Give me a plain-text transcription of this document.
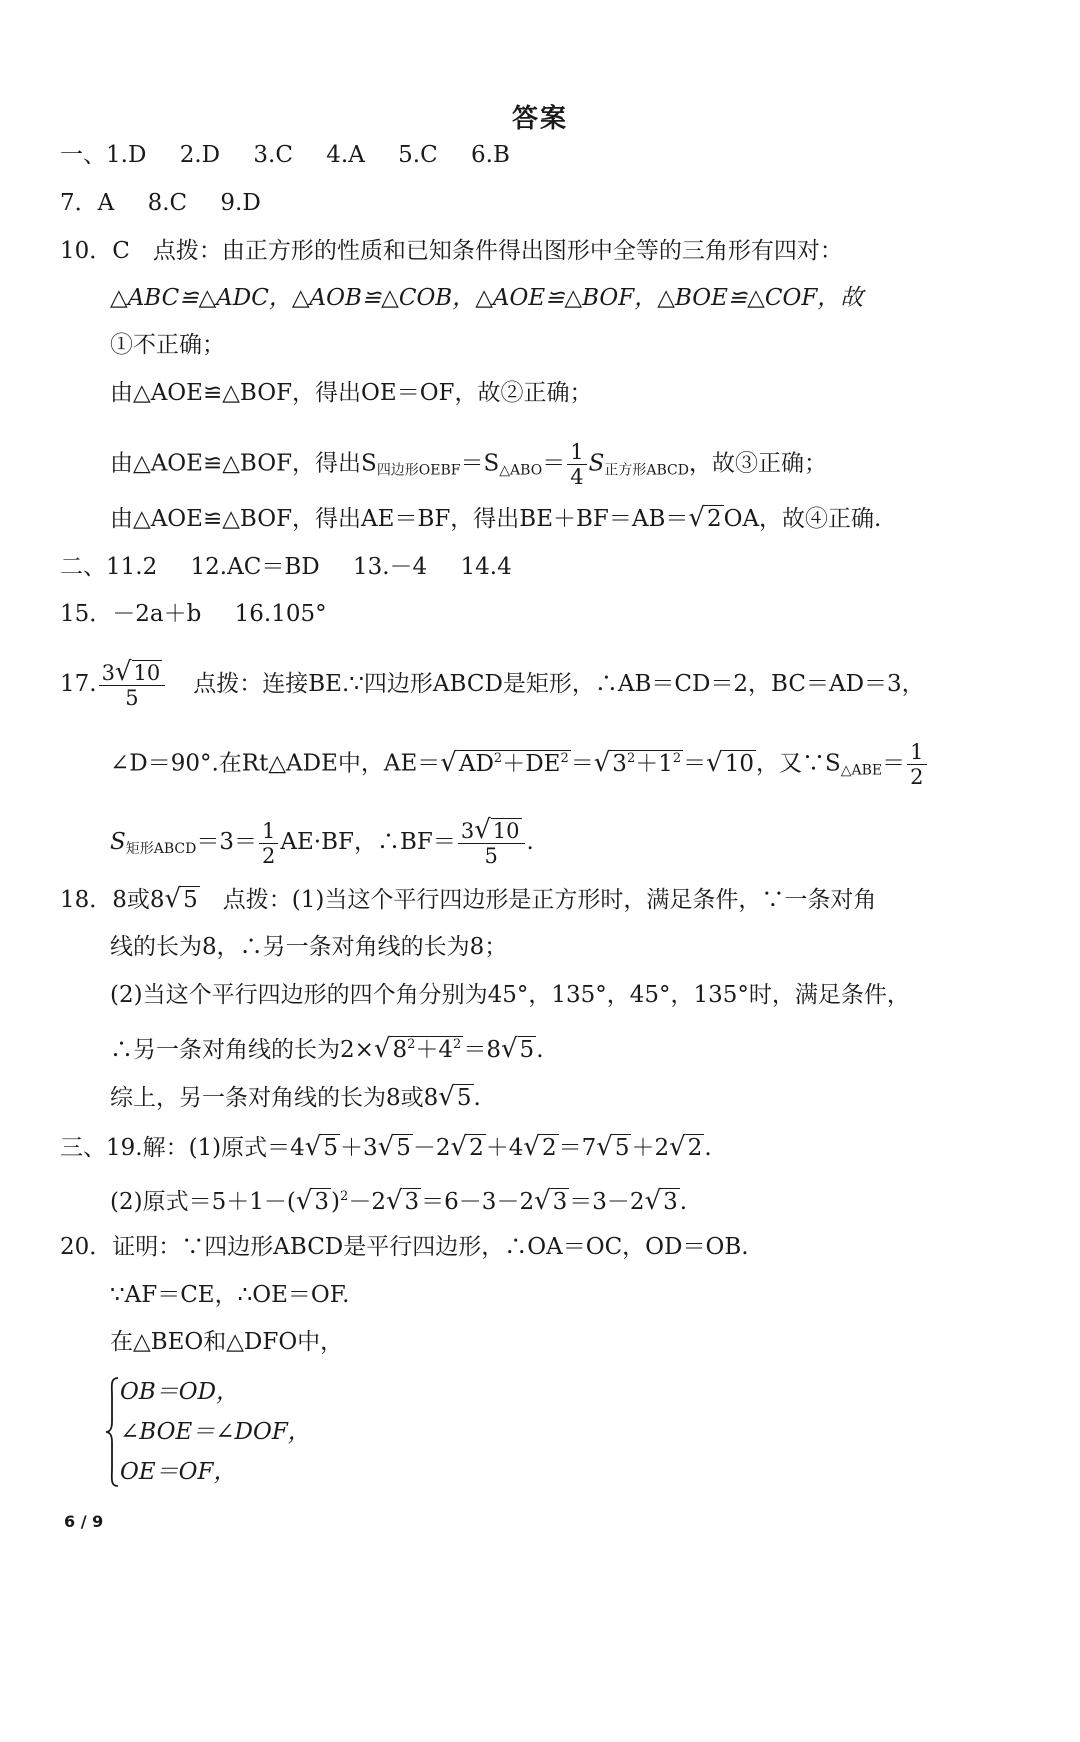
答案
一、1.D 2.D 3.C 4.A 5.C 6.B
7．A 8.C 9.D
10．C　点拨：由正方形的性质和已知条件得出图形中全等的三角形有四对：
△ABC≌△ADC，△AOB≌△COB，△AOE≌△BOF，△BOE≌△COF，故
①不正确；
由△AOE≌△BOF，得出OE＝OF，故②正确；
由△AOE≌△BOF，得出$S_{四边形OEBF}=S_{\triangle ABO}= \frac{1}{4} S_{正方形ABCD}$，故③正确；
由△AOE≌△BOF，得出AE＝BF，得出BE＋BF＝AB＝√2OA，故④正确.
二、11.2 12.AC＝BD 13.－4 14.4
15．－2a＋b 16.105°
17. $\frac{3√10}{5}$ 点拨：连接BE.∵四边形ABCD是矩形，∴AB＝CD＝2，BC＝AD＝3，
∠D＝90°.在Rt△ADE中，$AE=√AD^2+DE^2=√3^2+1^2=√10$，又$\because S_{\triangle ABE}= \frac{1}{2}$
$S_{矩形ABCD}=3= \frac{1}{2} AE\cdot BF$，∴BF＝ $\frac{3√10}{5}$ .
18．8或8√5　点拨：(1)当这个平行四边形是正方形时，满足条件，∵一条对角
线的长为8，∴另一条对角线的长为8；
(2)当这个平行四边形的四个角分别为45°，135°，45°，135°时，满足条件，
∴另一条对角线的长为$2\times√8^2+4^2=8√5$.
综上，另一条对角线的长为8或8√5.
三、19.解：(1)原式＝4√5＋3√5－2√2＋4√2＝7√5＋2√2.
(2)原式$=5+1-(√3)^2-2√3=6-3-2√3=3-2√3$.
20．证明：∵四边形ABCD是平行四边形，∴OA＝OC，OD＝OB.
∵AF＝CE，∴OE＝OF.
在△BEO和△DFO中，
OB＝OD，
∠BOE＝∠DOF，
OE＝OF，
6 / 9
